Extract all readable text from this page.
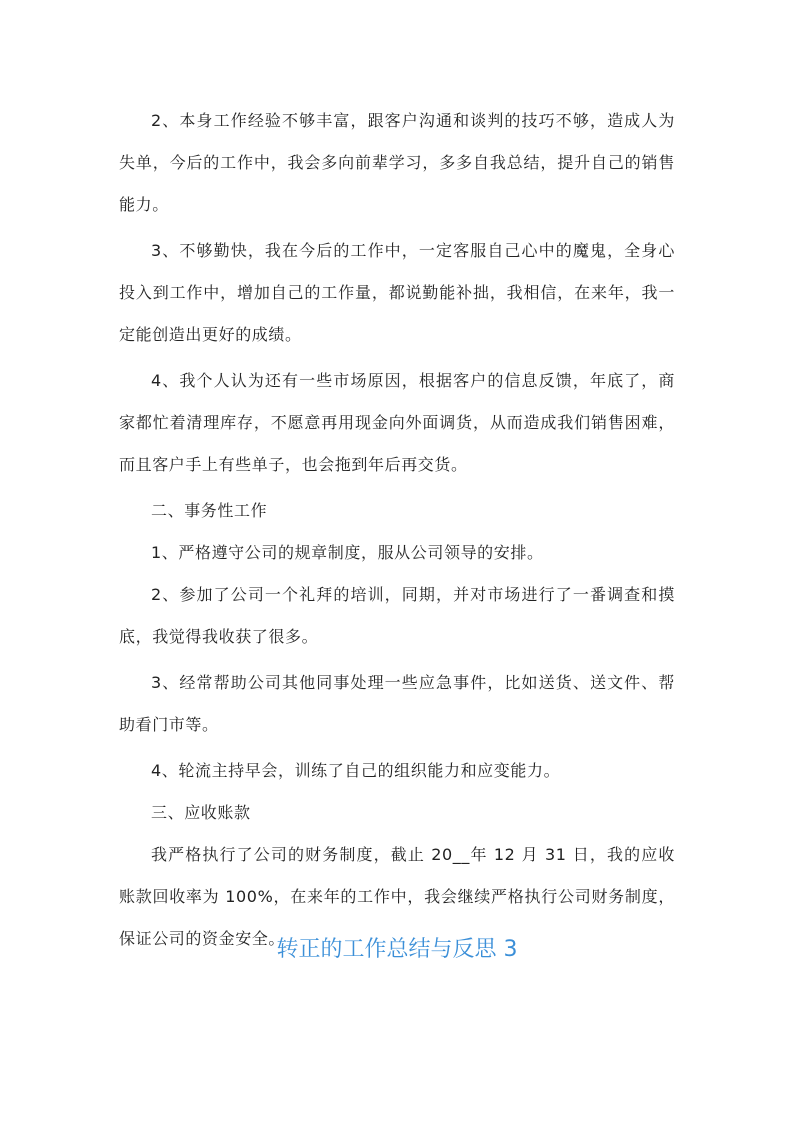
2、本身工作经验不够丰富，跟客户沟通和谈判的技巧不够，造成人为失单，今后的工作中，我会多向前辈学习，多多自我总结，提升自己的销售能力。

3、不够勤快，我在今后的工作中，一定客服自己心中的魔鬼，全身心投入到工作中，增加自己的工作量，都说勤能补拙，我相信，在来年，我一定能创造出更好的成绩。

4、我个人认为还有一些市场原因，根据客户的信息反馈，年底了，商家都忙着清理库存，不愿意再用现金向外面调货，从而造成我们销售困难，而且客户手上有些单子，也会拖到年后再交货。

二、事务性工作

1、严格遵守公司的规章制度，服从公司领导的安排。

2、参加了公司一个礼拜的培训，同期，并对市场进行了一番调查和摸底，我觉得我收获了很多。

3、经常帮助公司其他同事处理一些应急事件，比如送货、送文件、帮助看门市等。

4、轮流主持早会，训练了自己的组织能力和应变能力。

三、应收账款

我严格执行了公司的财务制度，截止 20__年 12 月 31 日，我的应收账款回收率为 100%，在来年的工作中，我会继续严格执行公司财务制度，保证公司的资金安全。

转正的工作总结与反思 3
